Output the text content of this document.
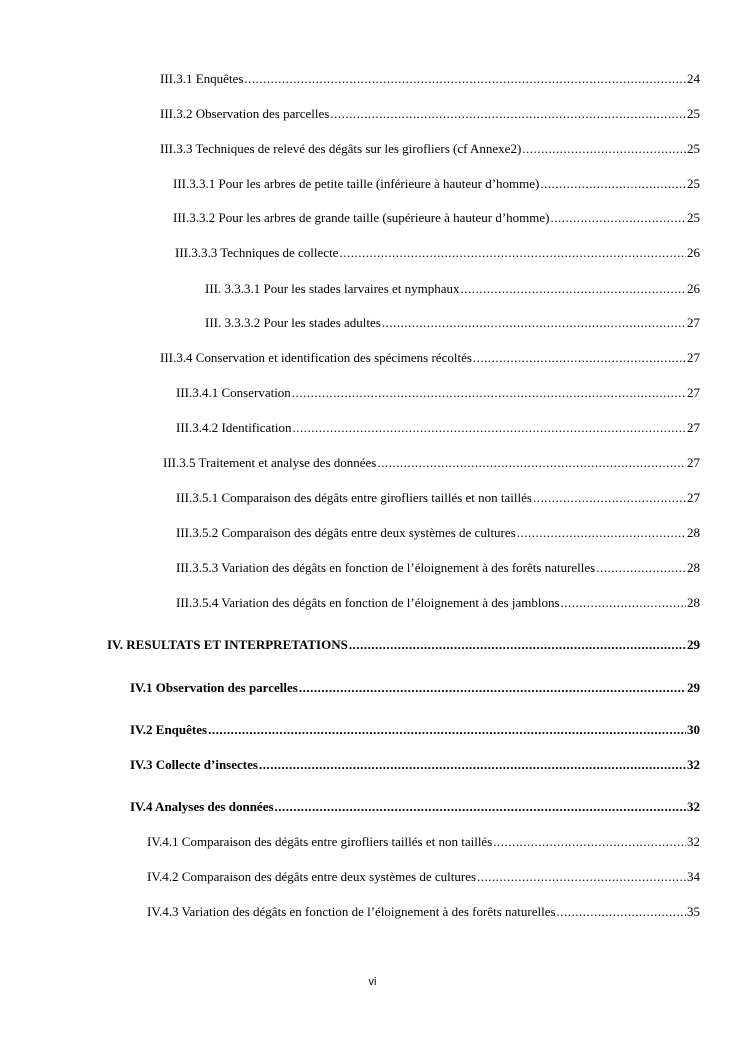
III.3.1 Enquêtes .....	24
III.3.2 Observation des parcelles .....	25
III.3.3 Techniques de relevé des dégâts sur les girofliers (cf Annexe2) .....	25
III.3.3.1 Pour les arbres de petite taille (inférieure à hauteur d’homme) .....	25
III.3.3.2 Pour les arbres de grande taille (supérieure à hauteur d’homme) .....	25
III.3.3.3 Techniques de collecte .....	26
III. 3.3.3.1 Pour les stades larvaires et nymphaux .....	26
III. 3.3.3.2 Pour les stades adultes .....	27
III.3.4 Conservation et identification des spécimens récoltés .....	27
III.3.4.1 Conservation .....	27
III.3.4.2 Identification .....	27
III.3.5 Traitement et analyse des données .....	27
III.3.5.1 Comparaison des dégâts entre girofliers taillés et non taillés .....	27
III.3.5.2 Comparaison des dégâts entre deux systèmes de cultures .....	28
III.3.5.3 Variation des dégâts en fonction de l’éloignement à des forêts naturelles .....	28
III.3.5.4 Variation des dégâts en fonction de l’éloignement à des jamblons .....	28
IV. RESULTATS ET INTERPRETATIONS .....	29
IV.1 Observation des parcelles .....	29
IV.2 Enquêtes .....	30
IV.3 Collecte d’insectes .....	32
IV.4 Analyses des données .....	32
IV.4.1 Comparaison des dégâts entre girofliers taillés et non taillés .....	32
IV.4.2 Comparaison des dégâts entre deux systèmes de cultures .....	34
IV.4.3 Variation des dégâts en fonction de l’éloignement à des forêts naturelles .....	35
vi
